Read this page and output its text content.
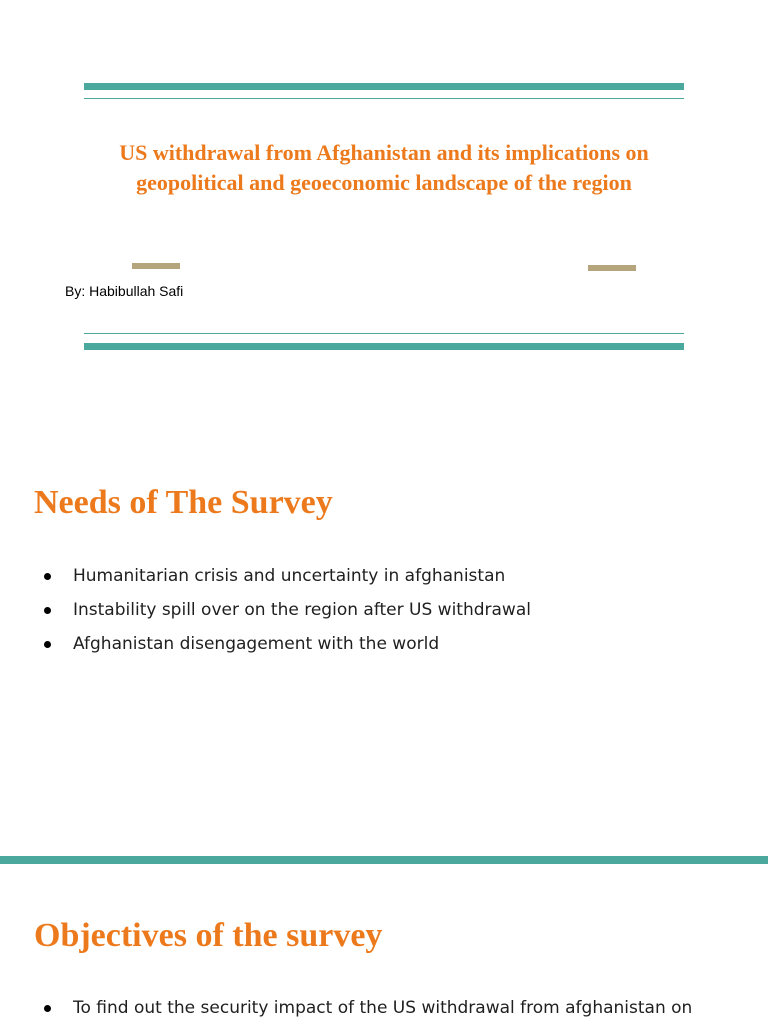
US withdrawal from Afghanistan and its implications on
geopolitical and geoeconomic landscape of the region

By: Habibullah Safi

Needs of The Survey
Humanitarian crisis and uncertainty in afghanistan
Instability spill over on the region after US withdrawal
Afghanistan disengagement with the world
Objectives of the survey
To find out the security impact of the US withdrawal from afghanistan on
